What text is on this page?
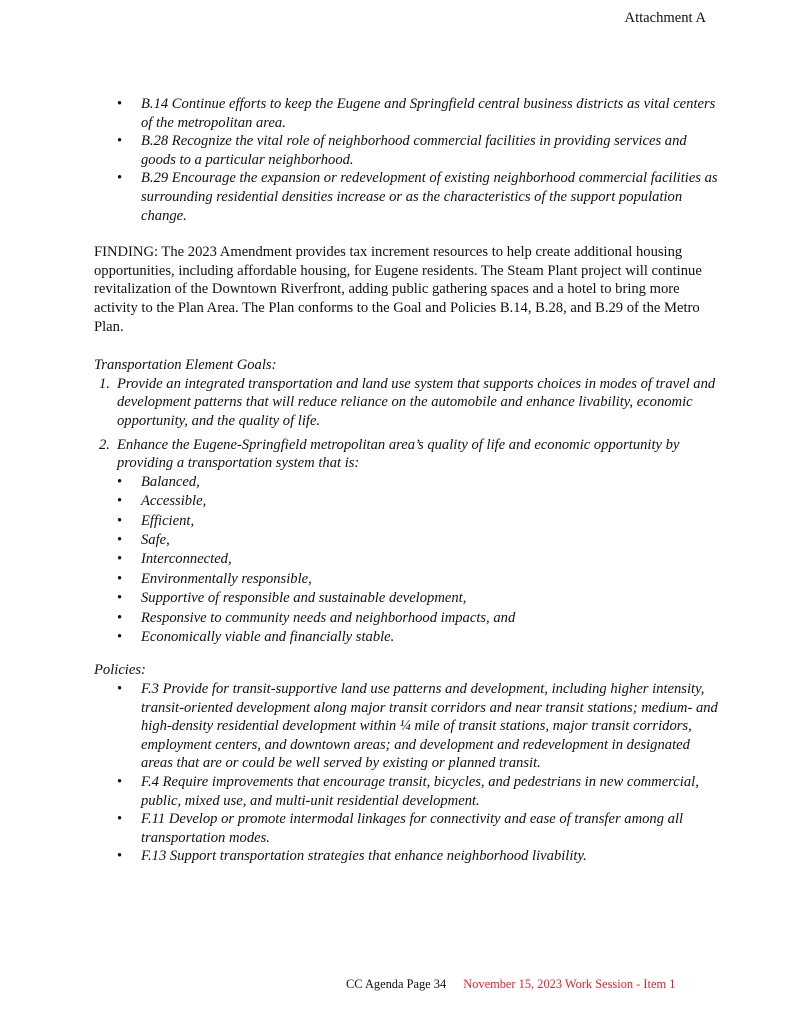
Attachment A
• B.14 Continue efforts to keep the Eugene and Springfield central business districts as vital centers of the metropolitan area.
• B.28 Recognize the vital role of neighborhood commercial facilities in providing services and goods to a particular neighborhood.
• B.29 Encourage the expansion or redevelopment of existing neighborhood commercial facilities as surrounding residential densities increase or as the characteristics of the support population change.

FINDING: The 2023 Amendment provides tax increment resources to help create additional housing opportunities, including affordable housing, for Eugene residents. The Steam Plant project will continue revitalization of the Downtown Riverfront, adding public gathering spaces and a hotel to bring more activity to the Plan Area. The Plan conforms to the Goal and Policies B.14, B.28, and B.29 of the Metro Plan.

Transportation Element Goals:
1. Provide an integrated transportation and land use system that supports choices in modes of travel and development patterns that will reduce reliance on the automobile and enhance livability, economic opportunity, and the quality of life.
2. Enhance the Eugene-Springfield metropolitan area’s quality of life and economic opportunity by providing a transportation system that is:
• Balanced,
• Accessible,
• Efficient,
• Safe,
• Interconnected,
• Environmentally responsible,
• Supportive of responsible and sustainable development,
• Responsive to community needs and neighborhood impacts, and
• Economically viable and financially stable.
Policies:
• F.3 Provide for transit-supportive land use patterns and development, including higher intensity, transit-oriented development along major transit corridors and near transit stations; medium- and high-density residential development within ¼ mile of transit stations, major transit corridors, employment centers, and downtown areas; and development and redevelopment in designated areas that are or could be well served by existing or planned transit.
• F.4 Require improvements that encourage transit, bicycles, and pedestrians in new commercial, public, mixed use, and multi-unit residential development.
• F.11 Develop or promote intermodal linkages for connectivity and ease of transfer among all transportation modes.
• F.13 Support transportation strategies that enhance neighborhood livability.
CC Agenda Page 34 November 15, 2023 Work Session - Item 1
